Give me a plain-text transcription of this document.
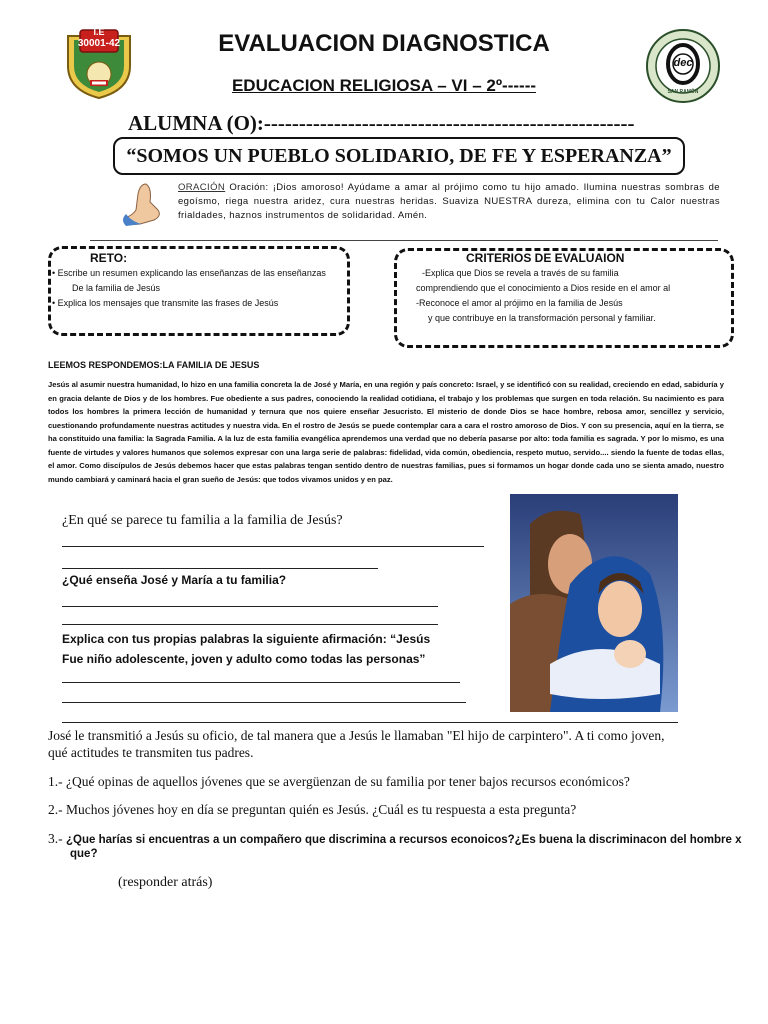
I.E
30001-42
dec
SAN RAMÓN
EVALUACION DIAGNOSTICA
EDUCACION RELIGIOSA – VI – 2º------
ALUMNA (O):-----------------------------------------------------
“SOMOS UN PUEBLO SOLIDARIO, DE FE Y ESPERANZA”
ORACIÓN Oración: ¡Dios amoroso! Ayúdame a amar al prójimo como tu hijo amado. Ilumina nuestras sombras de egoísmo, riega nuestra aridez, cura nuestras heridas. Suaviza NUESTRA dureza, elimina con tu Calor nuestras frialdades, haznos instrumentos de solidaridad. Amén.
RETO:
• Escribe un resumen explicando las enseñanzas de las enseñanzas
De la familia de Jesús
• Explica los mensajes que transmite las frases de Jesús
CRITERIOS DE EVALUAION
-Explica que Dios se revela a través de su familia
comprendiendo que el conocimiento a Dios reside en el amor al
-Reconoce el amor al prójimo en la familia de Jesús
y que contribuye en la transformación personal y familiar.
LEEMOS RESPONDEMOS:LA FAMILIA DE JESUS
Jesús al asumir nuestra humanidad, lo hizo en una familia concreta la de José y María, en una región y país concreto: Israel, y se identificó con su realidad, creciendo en edad, sabiduría y en gracia delante de Dios y de los hombres. Fue obediente a sus padres, conociendo la realidad cotidiana, el trabajo y los problemas que surgen en toda relación. Su nacimiento es para todos los hombres la primera lección de humanidad y ternura que nos quiere enseñar Jesucristo. El misterio de donde Dios se hace hombre, rebosa amor, sencillez y servicio, cuestionando profundamente nuestras actitudes y nuestra vida. En el rostro de Jesús se puede contemplar cara a cara el rostro amoroso de Dios. Y con su presencia, aquí en la tierra, se ha constituido una familia: la Sagrada Familia. A la luz de esta familia evangélica aprendemos una verdad que no debería pasarse por alto: toda familia es sagrada. Y por lo mismo, es una fuente de virtudes y valores humanos que solemos expresar con una larga serie de palabras: fidelidad, vida común, obediencia, respeto mutuo, servido.... siendo la fuente de todas ellas, el amor. Como discípulos de Jesús debemos hacer que estas palabras tengan sentido dentro de nuestras familias, pues si formamos un hogar donde cada uno se sienta amado, nuestro mundo cambiará y caminará hacia el gran sueño de Jesús: que todos vivamos unidos y en paz.
¿En qué se parece tu familia a la familia de Jesús?
¿Qué enseña José y María a tu familia?
Explica con tus propias palabras la siguiente afirmación: “Jesús
Fue niño adolescente, joven y adulto como todas las personas”
José le transmitió a Jesús su oficio, de tal manera que a Jesús le llamaban "El hijo de carpintero". A ti como joven,
qué actitudes te transmiten tus padres.
1.- ¿Qué opinas de aquellos jóvenes que se avergüenzan de su familia por tener bajos recursos económicos?
2.- Muchos jóvenes hoy en día se preguntan quién es Jesús. ¿Cuál es tu respuesta a esta pregunta?
3.- ¿Que harías si encuentras a un compañero que discrimina a recursos econoicos?¿Es buena la discriminacon del hombre x
que?
(responder atrás)
